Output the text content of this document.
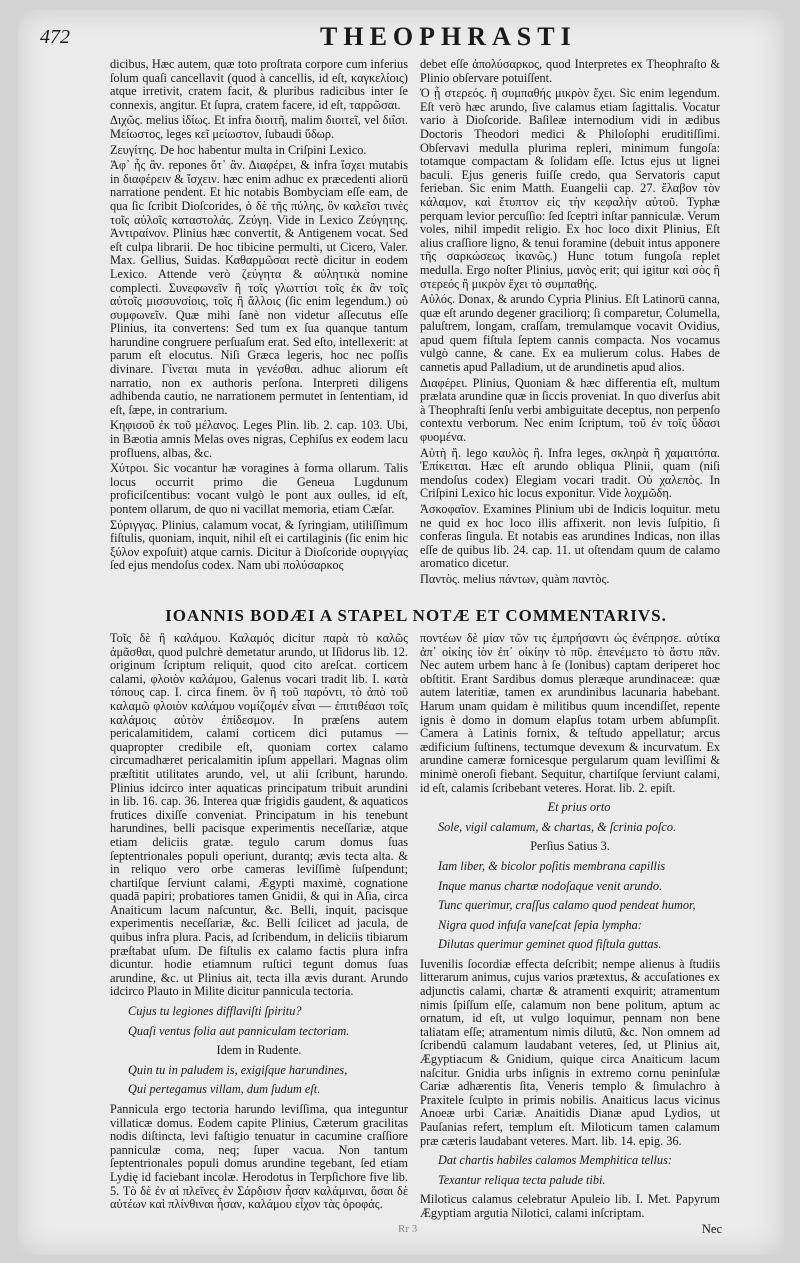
472	THEOPHRASTI

dicibus, Hæc autem, quæ toto proſtrata corpore cum inferius ſolum quaſi cancellavit (quod à cancellis, id eſt, καγκελίοις) atque irretivit, cratem facit, & pluribus radicibus inter ſe connexis, angitur. Et ſupra, cratem facere, id eſt, ταρρῶσαι.

Διχῶς. melius ἰδίως. Et infra διοιτῆ, malim διοιτεῖ, vel διΐσι. Μείωστος, leges κεῖ μείωστον, ſubaudi ὕδωρ.

Ζευγίτης. De hoc habentur multa in Criſpini Lexico.

Ἀφ᾽ ἧς ἂν. repones ὅτ᾽ ἂν. Διαφέρει, & infra ἴσχει mutabis in διαφέρειν & ἴσχειν. hæc enim adhuc ex præcedenti aliorū narratione pendent. Et hic notabis Bombyciam eſſe eam, de qua ſic ſcribit Dioſcorides, ὁ δὲ τῆς πύλης, ὃν καλεῖσι τινὲς τοῖς αὐλοῖς καταστολάς. Ζεύγη. Vide in Lexico Ζεύγητης. Ἀντιραίνον. Plinius hæc convertit, & Antigenem vocat. Sed eſt culpa librarii. De hoc tibicine permulti, ut Cicero, Valer. Max. Gellius, Suidas. Καθαρμῶσαι rectè dicitur in eodem Lexico. Attende verò ζεύγητα & αὐλητικὰ nomine complecti. Συνεφωνεῖν ἢ τοῖς γλωττίσι τοῖς ἐκ ἂν τοῖς αὐτοῖς μισσυνσίοις, τοῖς ἢ ἄλλοις (ſic enim legendum.) οὐ συμφωνεῖν. Quæ mihi ſanè non videtur aſſecutus eſſe Plinius, ita convertens: Sed tum ex ſua quanque tantum harundine congruere perſuaſum erat. Sed eſto, intellexerit: at parum eſt elocutus. Niſi Græca legeris, hoc nec poſſis divinare. Γίνεται muta in γενέσθαι. adhuc aliorum eſt narratio, non ex authoris perſona. Interpreti diligens adhibenda cautio, ne narrationem permutet in ſententiam, id eſt, ſæpe, in contrarium.

Κηφισοῦ ἐκ τοῦ μέλανος. Leges Plin. lib. 2. cap. 103. Ubi, in Bæotia amnis Melas oves nigras, Cephiſus ex eodem lacu profluens, albas, &c.

Χύτροι. Sic vocantur hæ voragines à forma ollarum. Talis locus occurrit primo die Geneua Lugdunum proficiſcentibus: vocant vulgò le pont aux oulles, id eſt, pontem ollarum, de quo ni vacillat memoria, etiam Cæſar.

Σύριγγας. Plinius, calamum vocat, & ſyringiam, utiliſſimum fiſtulis, quoniam, inquit, nihil eſt ei cartilaginis (ſic enim hic ξύλον expoſuit) atque carnis. Dicitur à Dioſcoride συριγγίας ſed ejus mendoſus codex. Nam ubi πολύσαρκος

debet eſſe ἀπολύσαρκος, quod Interpretes ex Theophraſto & Plinio obſervare potuiſſent.

Ὁ ᾗ στερεός. ἢ συμπαθής μικρὸν ἔχει. Sic enim legendum. Eſt verò hæc arundo, ſive calamus etiam ſagittalis. Vocatur vario à Dioſcoride. Baſileæ internodium vidi in ædibus Doctoris Theodori medici & Philoſophi eruditiſſimi. Obſervavi medulla plurima repleri, minimum fungoſa: totamque compactam & ſolidam eſſe. Ictus ejus ut lignei baculi. Ejus generis fuiſſe credo, qua Servatoris caput ferieban. Sic enim Matth. Euangelii cap. 27. ἔλαβον τὸν κάλαμον, καὶ ἔτυπτον εἰς τὴν κεφαλὴν αὐτοῦ. Typhæ perquam levior percuſſio: ſed ſceptri inſtar panniculæ. Verum voles, nihil impedit religio. Ex hoc loco dixit Plinius, Eſt alius craſſiore ligno, & tenui foramine (debuit intus apponere τῆς σαρκώσεως ἱκανῶς.) Hunc totum fungoſa replet medulla. Ergo noſter Plinius, μανὸς erit; qui igitur καὶ σὸς ἢ στερεός ἢ μικρὸν ἔχει τὸ συμπαθής.

Αὐλός. Donax, & arundo Cypria Plinius. Eſt Latinorū canna, quæ eſt arundo degener graciliorq; ſi comparetur, Columella, paluſtrem, longam, craſſam, tremulamque vocavit Ovidius, apud quem fiſtula ſeptem cannis compacta. Nos vocamus vulgò canne, & cane. Ex ea mulierum colus. Habes de cannetis apud Palladium, ut de arundinetis apud alios.

Διαφέρει. Plinius, Quoniam & hæc differentia eſt, multum prælata arundine quæ in ſiccis proveniat. In quo diverſus abit à Theophraſti ſenſu verbi ambiguitate deceptus, non perpenſo contextu verborum. Nec enim ſcriptum, τοῦ ἐν τοῖς ὕδασι φυομένα.

Αὐτὴ ἢ. lego καυλὸς ἢ. Infra leges, σκληρὰ ἢ χαμαιτόπα. Ἐπίκειται. Hæc eſt arundo obliqua Plinii, quam (niſi mendoſus codex) Elegiam vocari tradit. Οὐ χαλεπὸς. In Criſpini Lexico hic locus exponitur. Vide λοχμῶδη.

Ἀσκοφαῖον. Examines Plinium ubi de Indicis loquitur. metu ne quid ex hoc loco illis affixerit. non levis ſuſpitio, ſi conferas ſingula. Et notabis eas arundines Indicas, non illas eſſe de quibus lib. 24. cap. 11. ut oſtendam quum de calamo aromatico dicetur.

Παντὸς. melius πάντων, quàm παντὸς.

IOANNIS BODÆI A STAPEL NOTÆ ET COMMENTARIVS.

Τοῖς δὲ ἢ καλάμου. Καλαμός dicitur παρὰ τὸ καλῶς ἀμᾶσθαι, quod pulchrè demetatur arundo, ut Iſidorus lib. 12. originum ſcriptum reliquit, quod cito areſcat. corticem calami, φλοιὸν καλάμου, Galenus vocari tradit lib. I. κατὰ τόπους cap. I. circa finem. ὃν ἢ τοῦ παρόντι, τὸ ἀπὸ τοῦ καλαμῶ φλοιὸν καλάμου νομίζομέν εἶναι — ἐπιτιθέασι τοῖς καλάμοις αὐτὸν ἐπίδεσμον. In præſens autem pericalamitidem, calami corticem dici putamus — quapropter credibile eſt, quoniam cortex calamo circumadhæret pericalamitin ipſum appellari. Magnas olim præſtitit utilitates arundo, vel, ut alii ſcribunt, harundo. Plinius idcirco inter aquaticas principatum tribuit arundini in lib. 16. cap. 36. Interea quæ frigidis gaudent, & aquaticos frutices dixiſſe conveniat. Principatum in his tenebunt harundines, belli pacisque experimentis neceſſariæ, atque etiam deliciis gratæ. tegulo carum domus ſuas ſeptentrionales populi operiunt, durantq; ævis tecta alta. & in reliquo vero orbe cameras leviſſimè ſuſpendunt; chartiſque ſerviunt calami, Ægypti maximè, cognatione quadā papiri; probatiores tamen Gnidii, & qui in Aſia, circa Anaiticum lacum naſcuntur, &c. Belli, inquit, pacisque experimentis neceſſariæ, &c. Belli ſcilicet ad jacula, de quibus infra plura. Pacis, ad ſcribendum, in deliciis tibiarum præſtabat uſum. De fiſtulis ex calamo factis plura infra dicuntur. hodie etiamnum ruſtici tegunt domus ſuas arundine, &c. ut Plinius ait, tecta illa ævis durant. Arundo idcirco Plauto in Milite dicitur pannicula tectoria.

Cujus tu legiones difflaviſti ſpiritu?

Quaſi ventus folia aut panniculam tectoriam.

Idem in Rudente.

Quin tu in paludem is, exigiſque harundines,

Qui pertegamus villam, dum ſudum eſt.

Pannicula ergo tectoria harundo leviſſima, qua integuntur villaticæ domus. Eodem capite Plinius, Cæterum gracilitas nodis diſtincta, levi faſtigio tenuatur in cacumine craſſiore panniculæ coma, neq; ſuper vacua. Non tantum ſeptentrionales populi domus arundine tegebant, ſed etiam Lydię id faciebant incolæ. Herodotus in Terpſichore five lib. 5. Τὸ δὲ ἐν αἱ πλεῖνες ἐν Σάρδισιν ἦσαν καλάμιναι, ὅσαι δὲ αὐτέων καὶ πλίνθιναι ἦσαν, καλάμου εἶχον τὰς ὀροφάς.

ποντέων δὲ μίαν τῶν τις ἐμπρήσαντι ὡς ἐνέπρησε. αὐτίκα ἀπ᾽ οἰκίης ἰὸν ἐπ᾽ οἰκίην τὸ πῦρ. ἐπενέμετο τὸ ἄστυ πᾶν. Nec autem urbem hanc à ſe (Ionibus) captam deriperet hoc obſtitit. Erant Sardibus domus pleræque arundinaceæ: quæ autem lateritiæ, tamen ex arundinibus lacunaria habebant. Harum unam quidam è militibus quum incendiſſet, repente ignis è domo in domum elapſus totam urbem abſumpſit. Camera à Latinis fornix, & teſtudo appellatur; arcus ædificium ſuſtinens, tectumque devexum & incurvatum. Ex arundine cameræ fornicesque pergularum quam leviſſimi & minimè oneroſi fiebant. Sequitur, chartiſque ſerviunt calami, id eſt, calamis ſcribebant veteres. Horat. lib. 2. epiſt.

Et prius orto

Sole, vigil calamum, & chartas, & ſcrinia poſco.

Perſius Satius 3.

Iam liber, & bicolor poſitis membrana capillis

Inque manus chartæ nodoſaque venit arundo.

Tunc querimur, craſſus calamo quod pendeat humor,

Nigra quod infuſa vaneſcat ſepia lympha:

Dilutas querimur geminet quod fiſtula guttas.

Iuvenilis ſocordiæ effecta deſcribit; nempe alienus à ſtudiis litterarum animus, cujus varios prætextus, & accuſationes ex adjunctis calami, chartæ & atramenti exquirit; atramentum nimis ſpiſſum eſſe, calamum non bene politum, aptum ac ornatum, id eſt, ut vulgo loquimur, pennam non bene taliatam eſſe; atramentum nimis dilutū, &c. Non omnem ad ſcribendū calamum laudabant veteres, ſed, ut Plinius ait, Ægyptiacum & Gnidium, quique circa Anaiticum lacum naſcitur. Gnidia urbs inſignis in extremo cornu peninſulæ Cariæ adhærentis ſita, Veneris templo & ſimulachro à Praxitele ſculpto in primis nobilis. Anaiticus lacus vicinus Anoeæ urbi Cariæ. Anaitidis Dianæ apud Lydios, ut Pauſanias refert, templum eſt. Miloticum tamen calamum præ cæteris laudabant veteres. Mart. lib. 14. epig. 36.

Dat chartis habiles calamos Memphitica tellus:

Texantur reliqua tecta palude tibi.

Miloticus calamus celebratur Apuleio lib. I. Met. Papyrum Ægyptiam argutia Nilotici, calami inſcriptam.

Rr 3	Nec
